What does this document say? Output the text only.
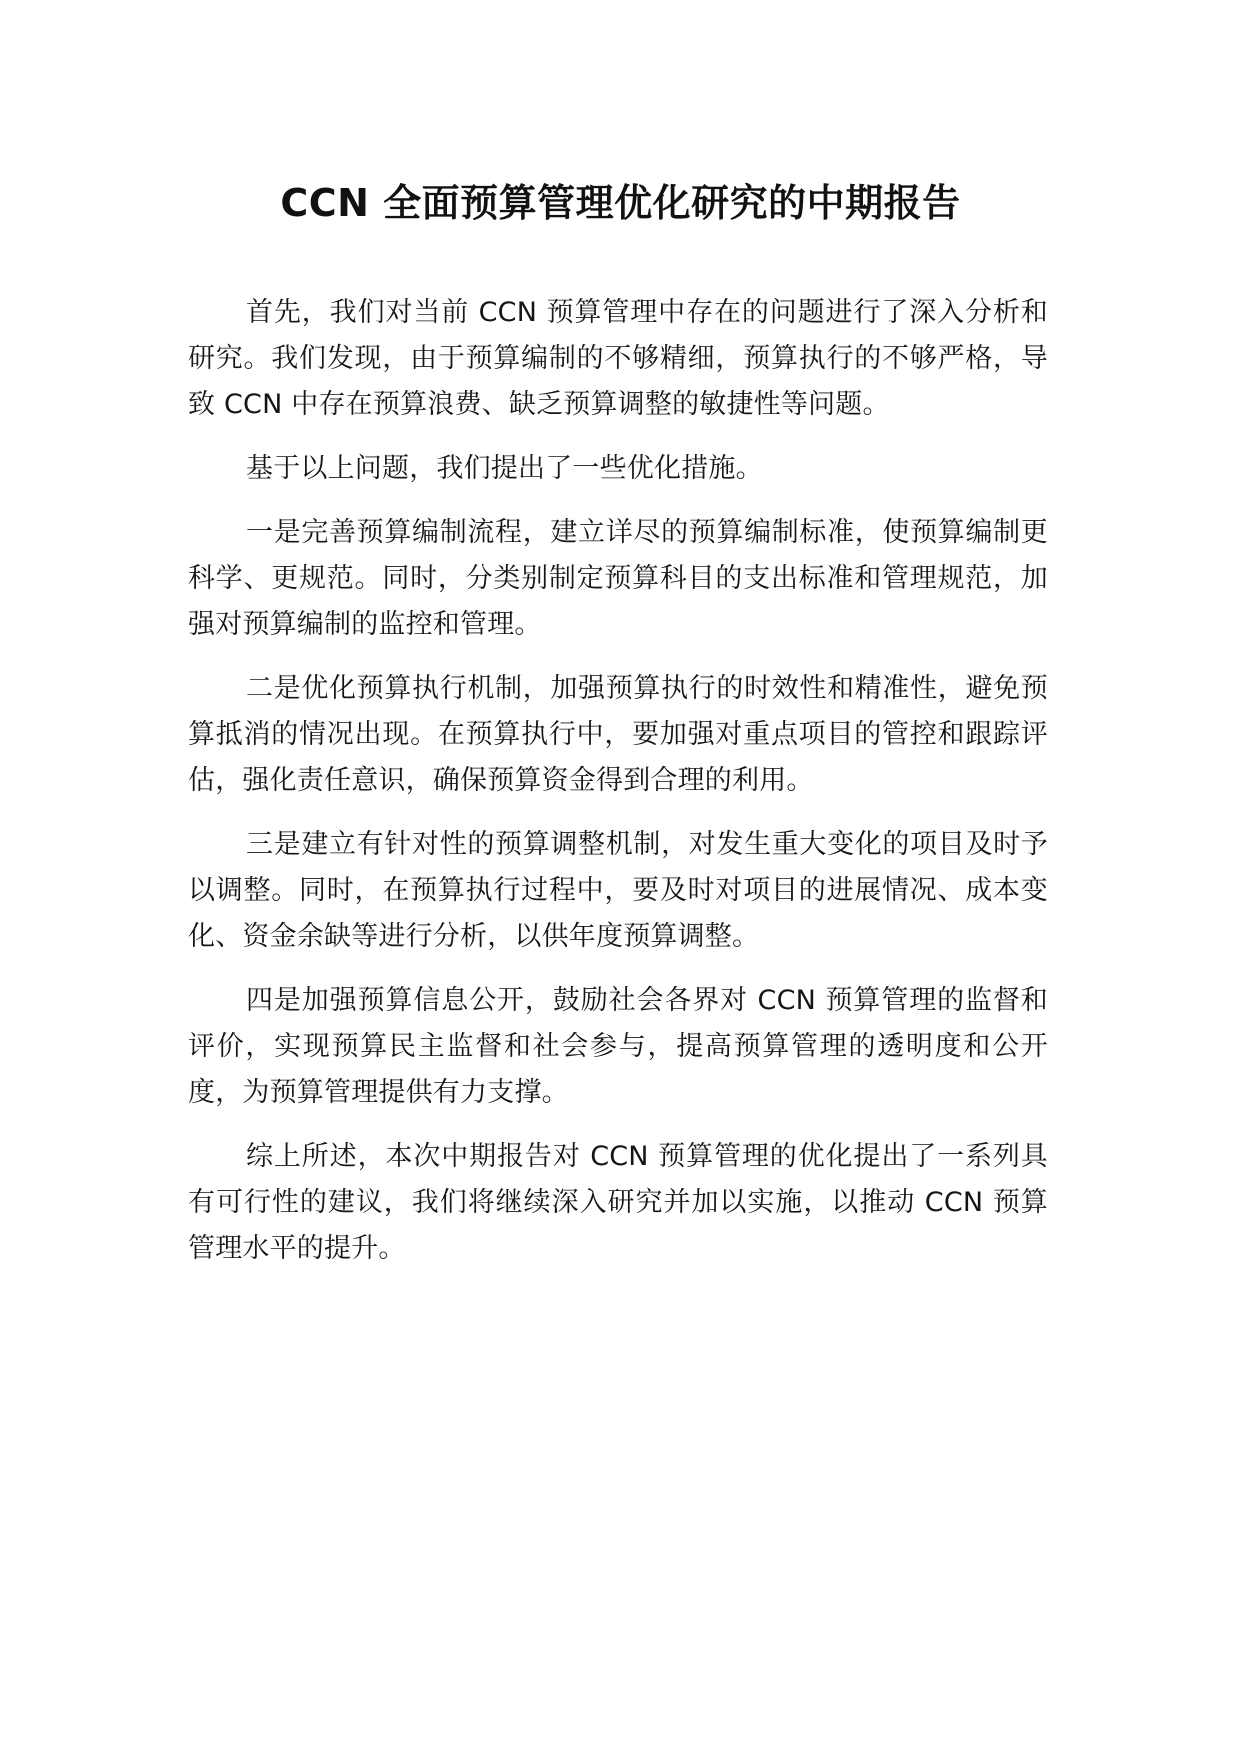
CCN 全面预算管理优化研究的中期报告

首先，我们对当前 CCN 预算管理中存在的问题进行了深入分析和研究。我们发现，由于预算编制的不够精细，预算执行的不够严格，导致 CCN 中存在预算浪费、缺乏预算调整的敏捷性等问题。

基于以上问题，我们提出了一些优化措施。

一是完善预算编制流程，建立详尽的预算编制标准，使预算编制更科学、更规范。同时，分类别制定预算科目的支出标准和管理规范，加强对预算编制的监控和管理。

二是优化预算执行机制，加强预算执行的时效性和精准性，避免预算抵消的情况出现。在预算执行中，要加强对重点项目的管控和跟踪评估，强化责任意识，确保预算资金得到合理的利用。

三是建立有针对性的预算调整机制，对发生重大变化的项目及时予以调整。同时，在预算执行过程中，要及时对项目的进展情况、成本变化、资金余缺等进行分析，以供年度预算调整。

四是加强预算信息公开，鼓励社会各界对 CCN 预算管理的监督和评价，实现预算民主监督和社会参与，提高预算管理的透明度和公开度，为预算管理提供有力支撑。

综上所述，本次中期报告对 CCN 预算管理的优化提出了一系列具有可行性的建议，我们将继续深入研究并加以实施，以推动 CCN 预算管理水平的提升。
